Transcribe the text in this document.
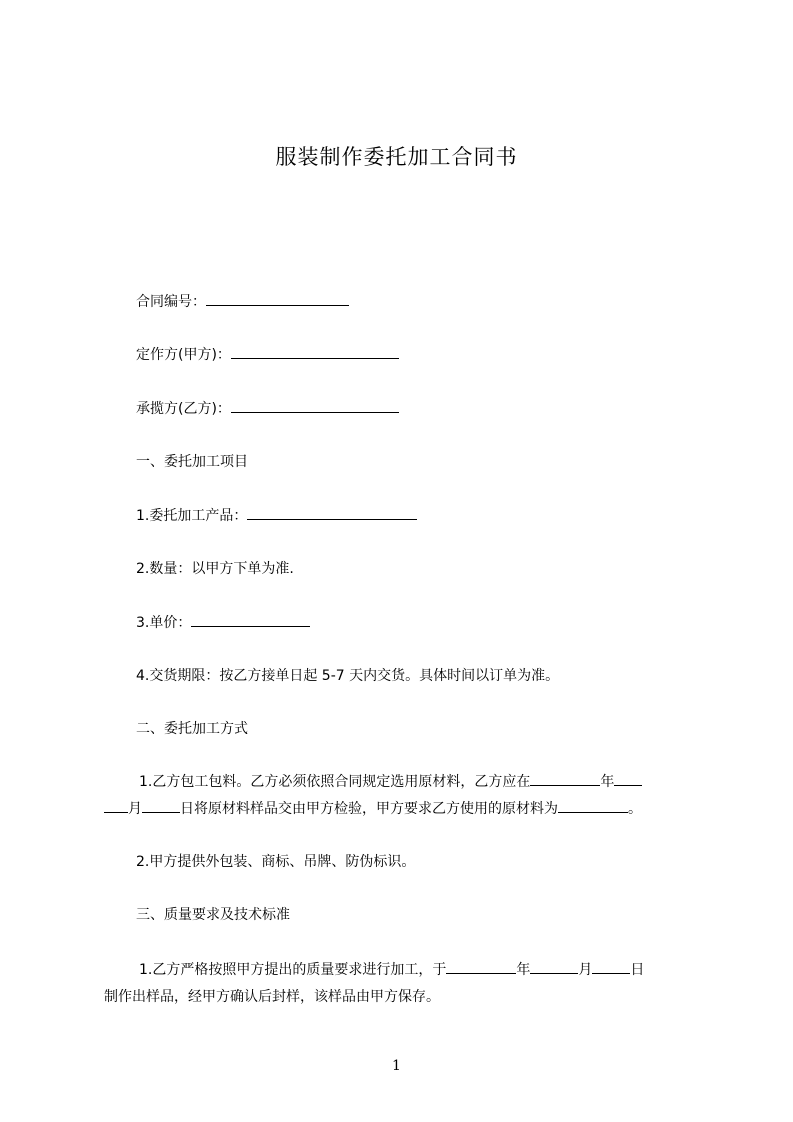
服装制作委托加工合同书
合同编号：
定作方(甲方)：
承揽方(乙方)：
一、委托加工项目
1.委托加工产品：
2.数量：以甲方下单为准.
3.单价：
4.交货期限：按乙方接单日起 5-7 天内交货。具体时间以订单为准。
二、委托加工方式
1.乙方包工包料。乙方必须依照合同规定选用原材料，乙方应在	年
月	日将原材料样品交由甲方检验，甲方要求乙方使用的原材料为	。
2.甲方提供外包装、商标、吊牌、防伪标识。
三、质量要求及技术标准
1.乙方严格按照甲方提出的质量要求进行加工，于	年	月	日
制作出样品，经甲方确认后封样，该样品由甲方保存。
1
